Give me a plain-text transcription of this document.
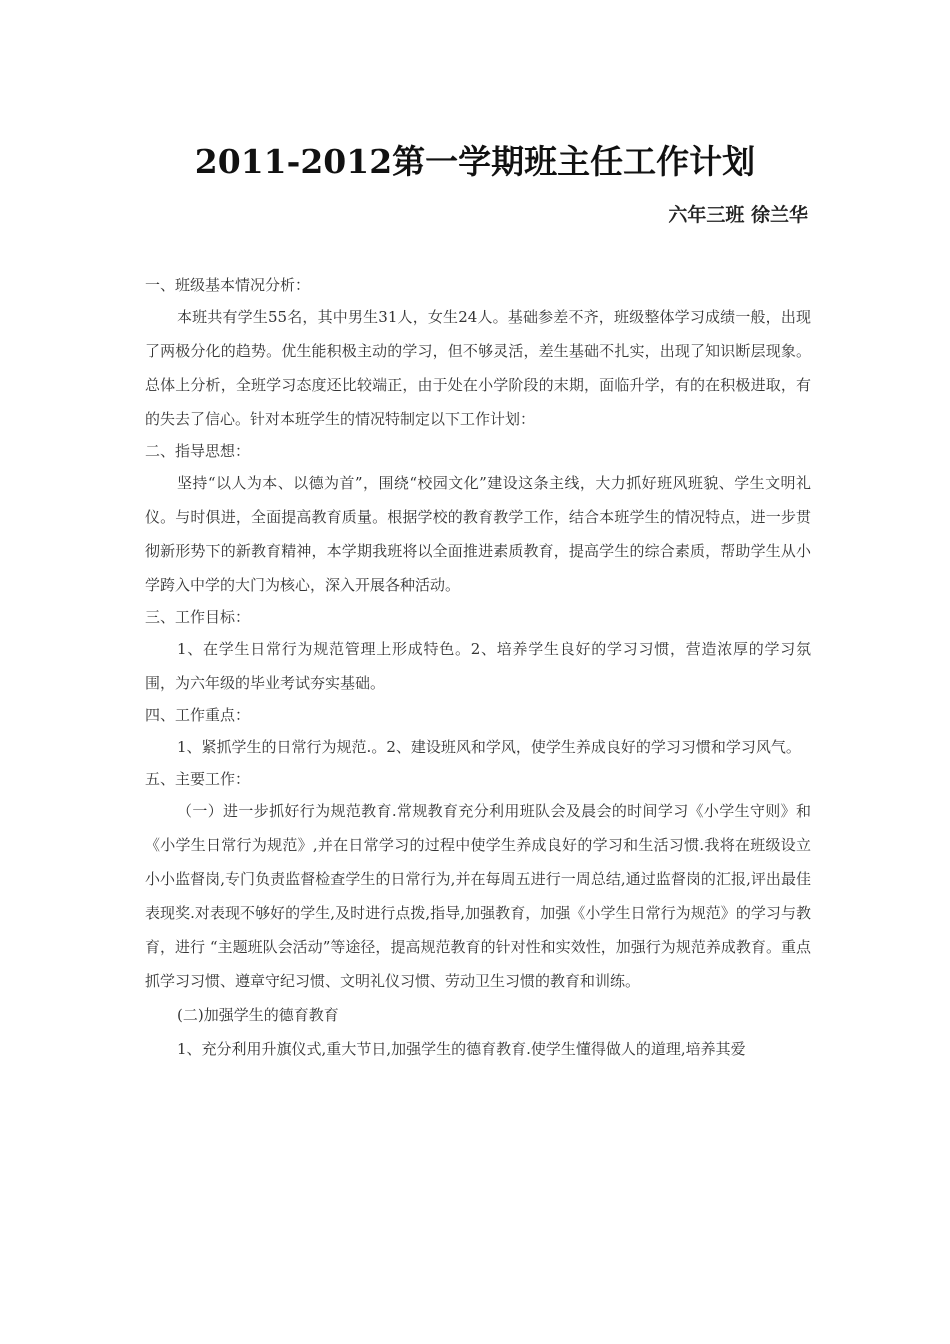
2011-2012第一学期班主任工作计划
六年三班 徐兰华

一、班级基本情况分析：

本班共有学生55名，其中男生31人，女生24人。基础参差不齐，班级整体学习成绩一般，出现了两极分化的趋势。优生能积极主动的学习，但不够灵活，差生基础不扎实，出现了知识断层现象。总体上分析，全班学习态度还比较端正，由于处在小学阶段的末期，面临升学，有的在积极进取，有的失去了信心。针对本班学生的情况特制定以下工作计划：

二、指导思想：

坚持“以人为本、以德为首”，围绕“校园文化”建设这条主线，大力抓好班风班貌、学生文明礼仪。与时俱进，全面提高教育质量。根据学校的教育教学工作，结合本班学生的情况特点，进一步贯彻新形势下的新教育精神，本学期我班将以全面推进素质教育，提高学生的综合素质，帮助学生从小学跨入中学的大门为核心，深入开展各种活动。

三、工作目标：

1、在学生日常行为规范管理上形成特色。2、培养学生良好的学习习惯，营造浓厚的学习氛围，为六年级的毕业考试夯实基础。

四、工作重点：

1、紧抓学生的日常行为规范.。2、建设班风和学风，使学生养成良好的学习习惯和学习风气。

五、主要工作：

（一）进一步抓好行为规范教育.常规教育充分利用班队会及晨会的时间学习《小学生守则》和《小学生日常行为规范》,并在日常学习的过程中使学生养成良好的学习和生活习惯.我将在班级设立小小监督岗,专门负责监督检查学生的日常行为,并在每周五进行一周总结,通过监督岗的汇报,评出最佳表现奖.对表现不够好的学生,及时进行点拨,指导,加强教育，加强《小学生日常行为规范》的学习与教育，进行 “主题班队会活动”等途径，提高规范教育的针对性和实效性，加强行为规范养成教育。重点抓学习习惯、遵章守纪习惯、文明礼仪习惯、劳动卫生习惯的教育和训练。

(二)加强学生的德育教育

1、充分利用升旗仪式,重大节日,加强学生的德育教育.使学生懂得做人的道理,培养其爱
